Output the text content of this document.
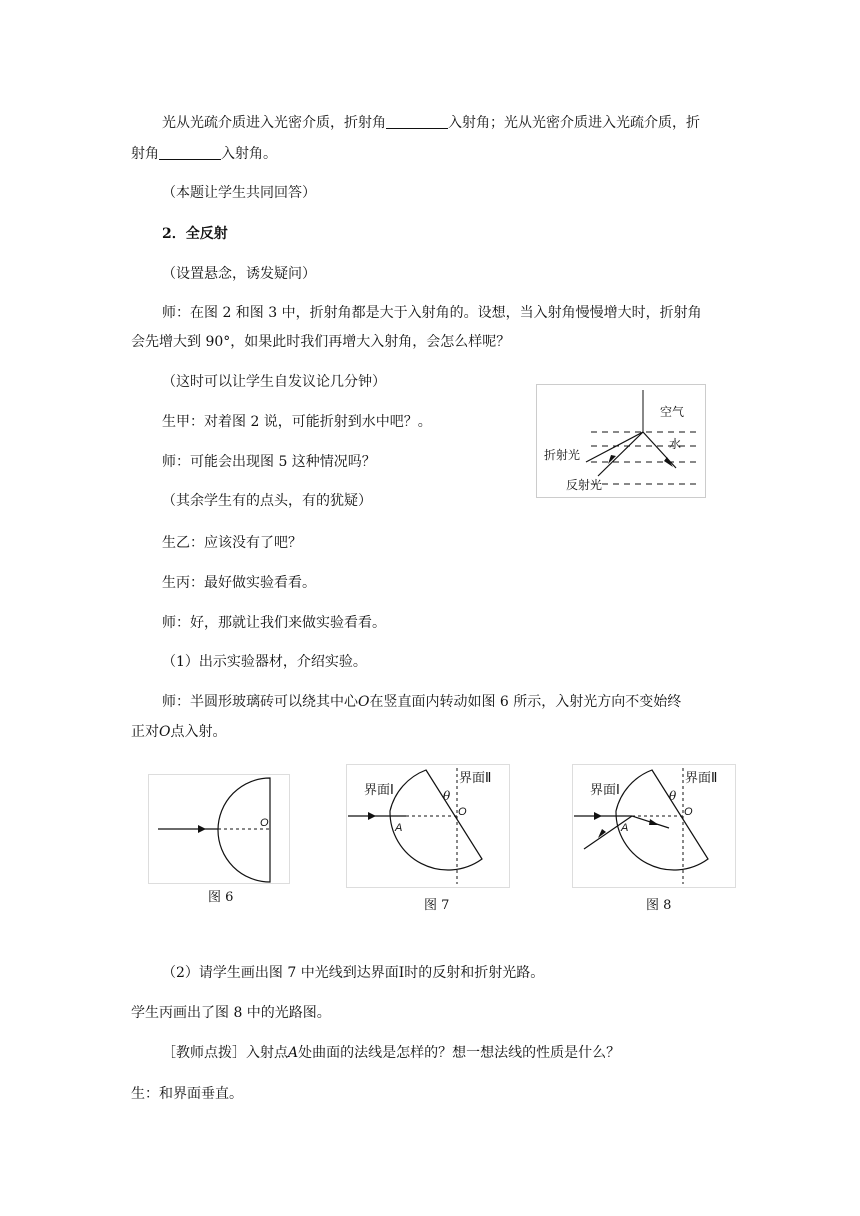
光从光疏介质进入光密介质，折射角	入射角；光从光密介质进入光疏介质，折
射角	入射角。
（本题让学生共同回答）
2．全反射
（设置悬念，诱发疑问）
师：在图 2 和图 3 中，折射角都是大于入射角的。设想，当入射角慢慢增大时，折射角
会先增大到 90°，如果此时我们再增大入射角，会怎么样呢？
（这时可以让学生自发议论几分钟）
生甲：对着图 2 说，可能折射到水中吧？。
师：可能会出现图 5 这种情况吗？
（其余学生有的点头，有的犹疑）
生乙：应该没有了吧？
生丙：最好做实验看看。
师：好，那就让我们来做实验看看。
（1）出示实验器材，介绍实验。
师：半圆形玻璃砖可以绕其中心O在竖直面内转动如图 6 所示，入射光方向不变始终
正对O点入射。
（2）请学生画出图 7 中光线到达界面Ⅰ时的反射和折射光路。
学生丙画出了图 8 中的光路图。
［教师点拨］入射点A处曲面的法线是怎样的？想一想法线的性质是什么？
生：和界面垂直。
空气
水
折射光
反射光
O
图 6
界面Ⅰ
界面Ⅱ
θ
A
O
图 7
界面Ⅰ
界面Ⅱ
θ
A
O
图 8
